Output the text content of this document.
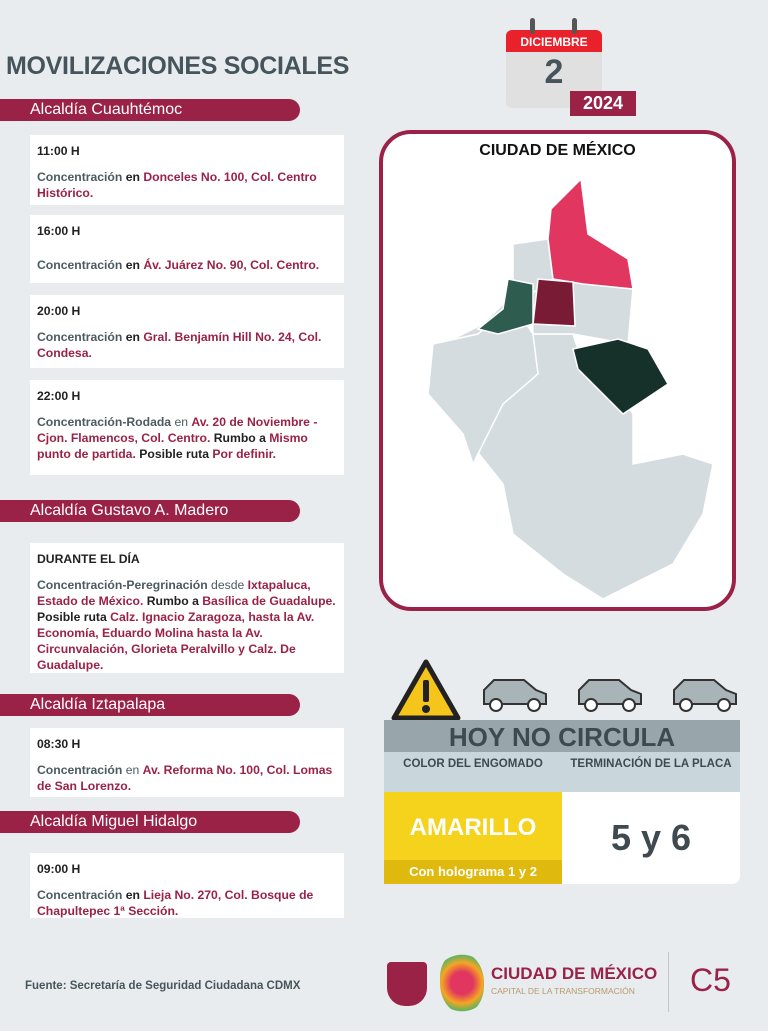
MOVILIZACIONES SOCIALES
DICIEMBRE
2
2024
Alcaldía Cuauhtémoc
11:00 H
Concentración en Donceles No. 100, Col. Centro Histórico.
16:00 H
Concentración en Áv. Juárez No. 90, Col. Centro.
20:00 H
Concentración en Gral. Benjamín Hill No. 24, Col. Condesa.
22:00 H
Concentración-Rodada en Av. 20 de Noviembre - Cjon. Flamencos, Col. Centro. Rumbo a Mismo punto de partida. Posible ruta Por definir.
Alcaldía Gustavo A. Madero
DURANTE EL DÍA
Concentración-Peregrinación desde Ixtapaluca, Estado de México. Rumbo a Basílica de Guadalupe. Posible ruta Calz. Ignacio Zaragoza, hasta la Av. Economía, Eduardo Molina hasta la Av. Circunvalación, Glorieta Peralvillo y Calz. De Guadalupe.
Alcaldía Iztapalapa
08:30 H
Concentración en Av. Reforma No. 100, Col. Lomas de San Lorenzo.
Alcaldía Miguel Hidalgo
09:00 H
Concentración en Lieja No. 270, Col. Bosque de Chapultepec 1ª Sección.
CIUDAD DE MÉXICO
HOY NO CIRCULA
COLOR DEL ENGOMADO	TERMINACIÓN DE LA PLACA
AMARILLO
Con holograma 1 y 2
5 y 6
Fuente: Secretaría de Seguridad Ciudadana CDMX
CIUDAD DE MÉXICO
CAPITAL DE LA TRANSFORMACIÓN C5
